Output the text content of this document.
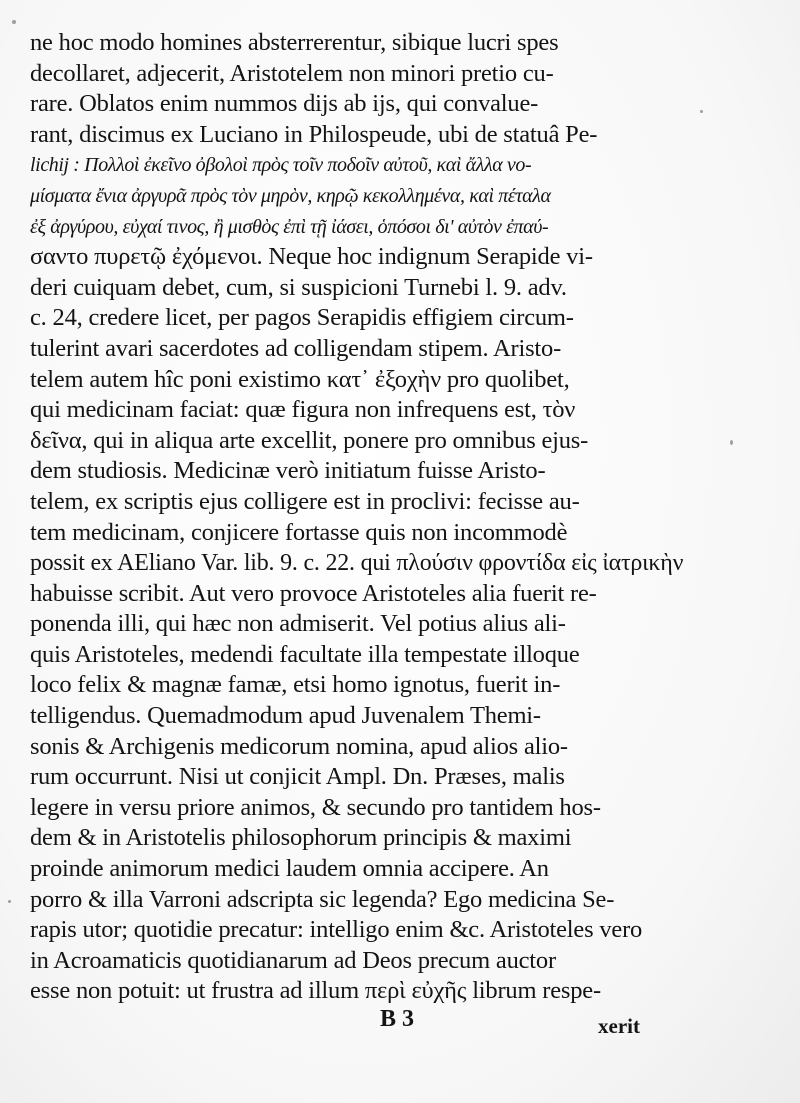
ne hoc modo homines absterrerentur, sibique lucri spes
decollaret, adjecerit, Aristotelem non minori pretio cu-
rare. Oblatos enim nummos dijs ab ijs, qui convalue-
rant, discimus ex Luciano in Philospeude, ubi de statuâ Pe-
lichij : Πολλοὶ ἐκεῖνο ὀβολοὶ πρὸς τοῖν ποδοῖν αὐτοῦ, καὶ ἄλλα νο-
μίσματα ἔνια ἀργυρᾶ πρὸς τὸν μηρὸν, κηρῷ κεκολλημένα, καὶ πέταλα
ἐξ ἀργύρου, εὐχαί τινος, ἢ μισθὸς ἐπὶ τῇ ἰάσει, ὁπόσοι δι' αὐτὸν ἐπαύ-
σαντο πυρετῷ ἐχόμενοι. Neque hoc indignum Serapide vi-
deri cuiquam debet, cum, si suspicioni Turnebi l. 9. adv.
c. 24, credere licet, per pagos Serapidis effigiem circum-
tulerint avari sacerdotes ad colligendam stipem. Aristo-
telem autem hîc poni existimo κατ᾽ ἐξοχὴν pro quolibet,
qui medicinam faciat: quæ figura non infrequens est, τὸν
δεῖνα, qui in aliqua arte excellit, ponere pro omnibus ejus-
dem studiosis. Medicinæ verò initiatum fuisse Aristo-
telem, ex scriptis ejus colligere est in proclivi: fecisse au-
tem medicinam, conjicere fortasse quis non incommodè
possit ex AEliano Var. lib. 9. c. 22. qui πλούσιν φροντίδα εἰς ἰατρικὴν
habuisse scribit. Aut vero provoce Aristoteles alia fuerit re-
ponenda illi, qui hæc non admiserit. Vel potius alius ali-
quis Aristoteles, medendi facultate illa tempestate illoque
loco felix & magnæ famæ, etsi homo ignotus, fuerit in-
telligendus. Quemadmodum apud Juvenalem Themi-
sonis & Archigenis medicorum nomina, apud alios alio-
rum occurrunt. Nisi ut conjicit Ampl. Dn. Præses, malis
legere in versu priore animos, & secundo pro tantidem hos-
dem & in Aristotelis philosophorum principis & maximi
proinde animorum medici laudem omnia accipere. An
porro & illa Varroni adscripta sic legenda? Ego medicina Se-
rapis utor; quotidie precatur: intelligo enim &c. Aristoteles vero
in Acroamaticis quotidianarum ad Deos precum auctor
esse non potuit: ut frustra ad illum περὶ εὐχῆς librum respe-
B 3	xerit
